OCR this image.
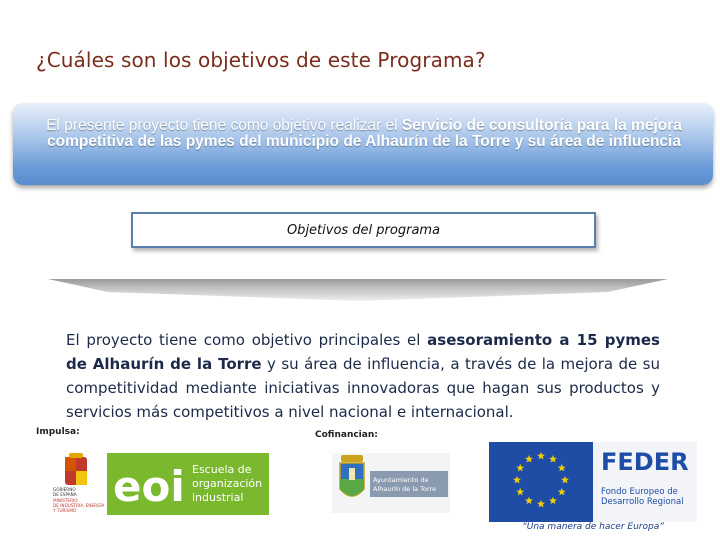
¿Cuáles son los objetivos de este Programa?
El presente proyecto tiene como objetivo realizar el Servicio de consultoría para la mejora competitiva de las pymes del municipio de Alhaurín de la Torre y su área de influencia
Objetivos del programa
El proyecto tiene como objetivo principales el asesoramiento a 15 pymes de Alhaurín de la Torre y su área de influencia, a través de la mejora de su competitividad mediante iniciativas innovadoras que hagan sus productos y servicios más competitivos a nivel nacional e internacional.
Impulsa:	Cofinancian:
GOBIERNO
DE ESPAÑA
MINISTERIO
DE INDUSTRIA, ENERGÍA
Y TURISMO eoi Escuela de
organización
industrial
Ayuntamiento de
Alhaurín de la Torre
FEDER
Fondo Europeo de
Desarrollo Regional
“Una manera de hacer Europa”
